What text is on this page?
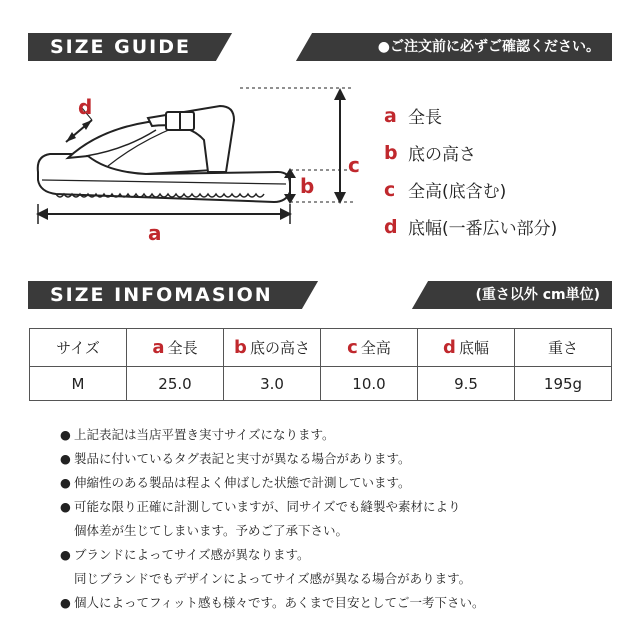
SIZE GUIDE	●ご注文前に必ずご確認ください。
d
c
b
a
a 全長
b 底の高さ
c 全高(底含む)
d 底幅(一番広い部分)
SIZE INFOMASION	(重さ以外 cm単位)
サイズ	a 全長	b 底の高さ	c 全高	d 底幅	重さ
M	25.0	3.0	10.0	9.5	195g
● 上記表記は当店平置き実寸サイズになります。
● 製品に付いているタグ表記と実寸が異なる場合があります。
● 伸縮性のある製品は程よく伸ばした状態で計測しています。
● 可能な限り正確に計測していますが、同サイズでも縫製や素材により
個体差が生じてしまいます。予めご了承下さい。
● ブランドによってサイズ感が異なります。
同じブランドでもデザインによってサイズ感が異なる場合があります。
● 個人によってフィット感も様々です。あくまで目安としてご一考下さい。
